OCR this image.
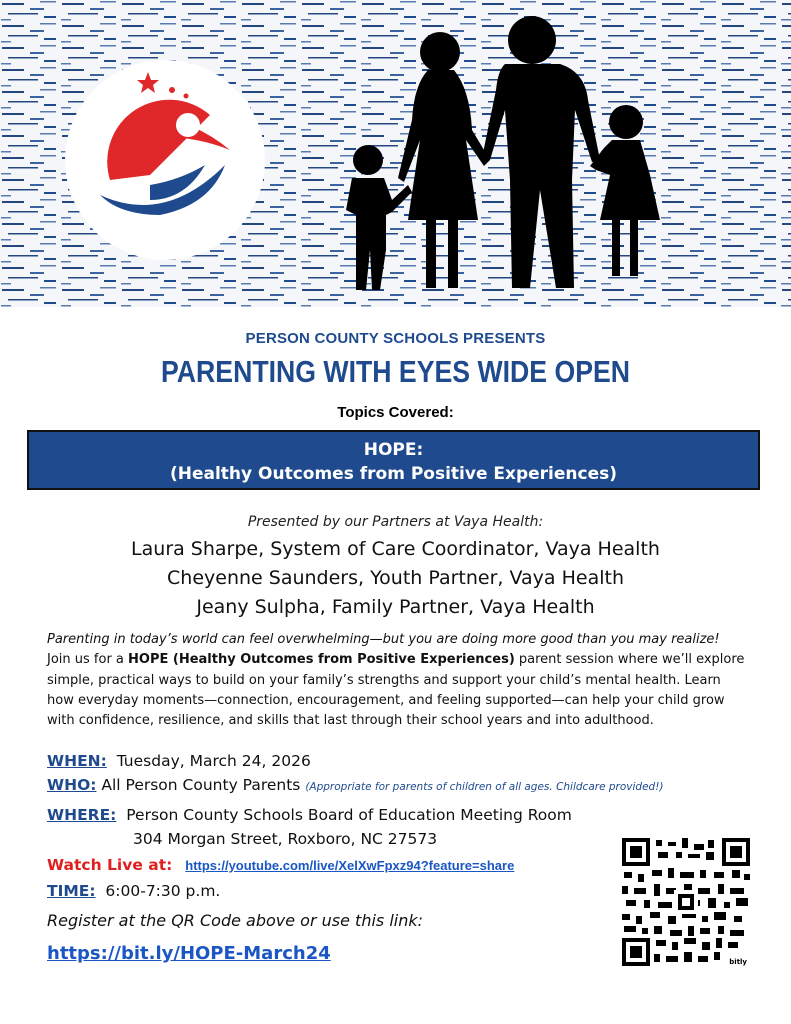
PERSON COUNTY SCHOOLS PRESENTS
PARENTING WITH EYES WIDE OPEN
Topics Covered:
HOPE:
(Healthy Outcomes from Positive Experiences)
Presented by our Partners at Vaya Health:
Laura Sharpe, System of Care Coordinator, Vaya Health
Cheyenne Saunders, Youth Partner, Vaya Health
Jeany Sulpha, Family Partner, Vaya Health
Parenting in today’s world can feel overwhelming—but you are doing more good than you may realize! Join us for a HOPE (Healthy Outcomes from Positive Experiences) parent session where we’ll explore simple, practical ways to build on your family’s strengths and support your child’s mental health. Learn how everyday moments—connection, encouragement, and feeling supported—can help your child grow with confidence, resilience, and skills that last through their school years and into adulthood.
WHEN: Tuesday, March 24, 2026
WHO: All Person County Parents (Appropriate for parents of children of all ages. Childcare provided!)
WHERE: Person County Schools Board of Education Meeting Room
304 Morgan Street, Roxboro, NC 27573
Watch Live at: https://youtube.com/live/XelXwFpxz94?feature=share
TIME: 6:00-7:30 p.m.
Register at the QR Code above or use this link:
https://bit.ly/HOPE-March24	bitly
